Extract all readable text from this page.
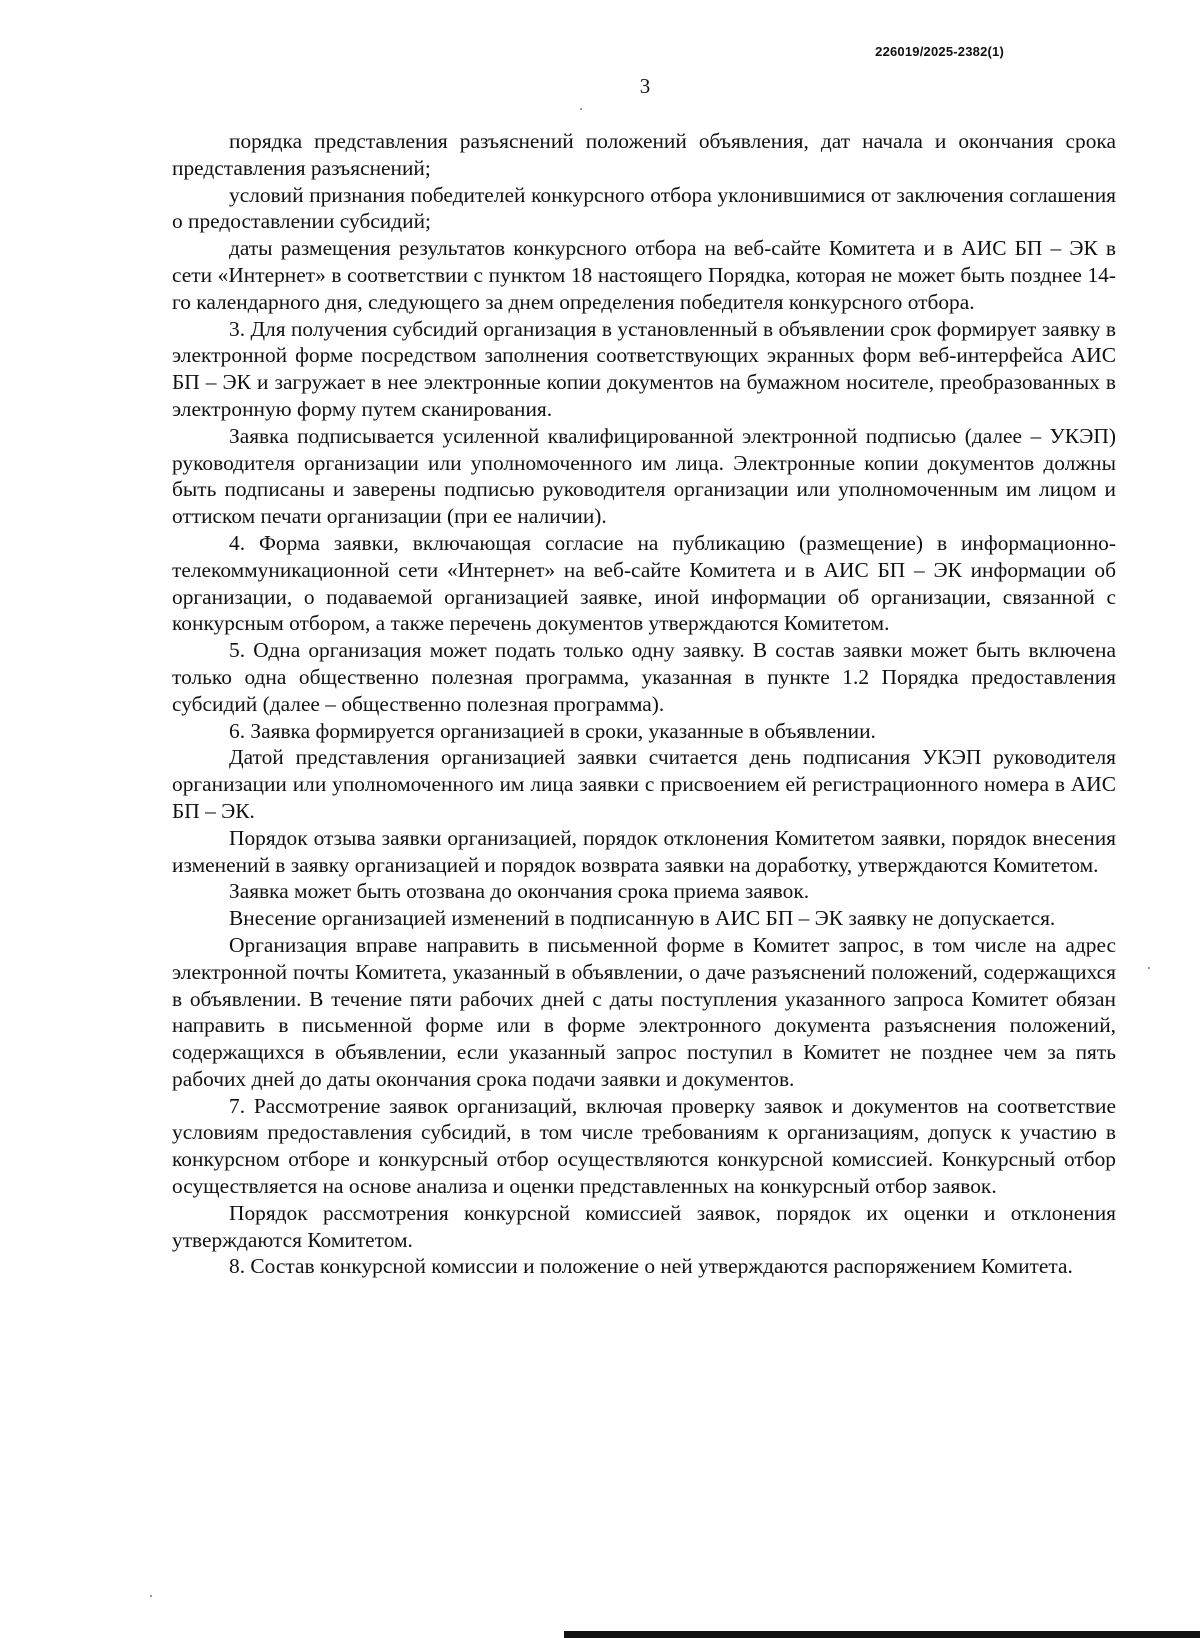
226019/2025-2382(1)
3

порядка представления разъяснений положений объявления, дат начала и окончания срока представления разъяснений;

условий признания победителей конкурсного отбора уклонившимися от заключения соглашения о предоставлении субсидий;

даты размещения результатов конкурсного отбора на веб-сайте Комитета и в АИС БП – ЭК в сети «Интернет» в соответствии с пунктом 18 настоящего Порядка, которая не может быть позднее 14-го календарного дня, следующего за днем определения победителя конкурсного отбора.

3. Для получения субсидий организация в установленный в объявлении срок формирует заявку в электронной форме посредством заполнения соответствующих экранных форм веб-интерфейса АИС БП – ЭК и загружает в нее электронные копии документов на бумажном носителе, преобразованных в электронную форму путем сканирования.

Заявка подписывается усиленной квалифицированной электронной подписью (далее – УКЭП) руководителя организации или уполномоченного им лица. Электронные копии документов должны быть подписаны и заверены подписью руководителя организации или уполномоченным им лицом и оттиском печати организации (при ее наличии).

4. Форма заявки, включающая согласие на публикацию (размещение) в информационно-телекоммуникационной сети «Интернет» на веб-сайте Комитета и в АИС БП – ЭК информации об организации, о подаваемой организацией заявке, иной информации об организации, связанной с конкурсным отбором, а также перечень документов утверждаются Комитетом.

5. Одна организация может подать только одну заявку. В состав заявки может быть включена только одна общественно полезная программа, указанная в пункте 1.2 Порядка предоставления субсидий (далее – общественно полезная программа).

6. Заявка формируется организацией в сроки, указанные в объявлении.

Датой представления организацией заявки считается день подписания УКЭП руководителя организации или уполномоченного им лица заявки с присвоением ей регистрационного номера в АИС БП – ЭК.

Порядок отзыва заявки организацией, порядок отклонения Комитетом заявки, порядок внесения изменений в заявку организацией и порядок возврата заявки на доработку, утверждаются Комитетом.

Заявка может быть отозвана до окончания срока приема заявок.

Внесение организацией изменений в подписанную в АИС БП – ЭК заявку не допускается.

Организация вправе направить в письменной форме в Комитет запрос, в том числе на адрес электронной почты Комитета, указанный в объявлении, о даче разъяснений положений, содержащихся в объявлении. В течение пяти рабочих дней с даты поступления указанного запроса Комитет обязан направить в письменной форме или в форме электронного документа разъяснения положений, содержащихся в объявлении, если указанный запрос поступил в Комитет не позднее чем за пять рабочих дней до даты окончания срока подачи заявки и документов.

7. Рассмотрение заявок организаций, включая проверку заявок и документов на соответствие условиям предоставления субсидий, в том числе требованиям к организациям, допуск к участию в конкурсном отборе и конкурсный отбор осуществляются конкурсной комиссией. Конкурсный отбор осуществляется на основе анализа и оценки представленных на конкурсный отбор заявок.

Порядок рассмотрения конкурсной комиссией заявок, порядок их оценки и отклонения утверждаются Комитетом.

8. Состав конкурсной комиссии и положение о ней утверждаются распоряжением Комитета.
